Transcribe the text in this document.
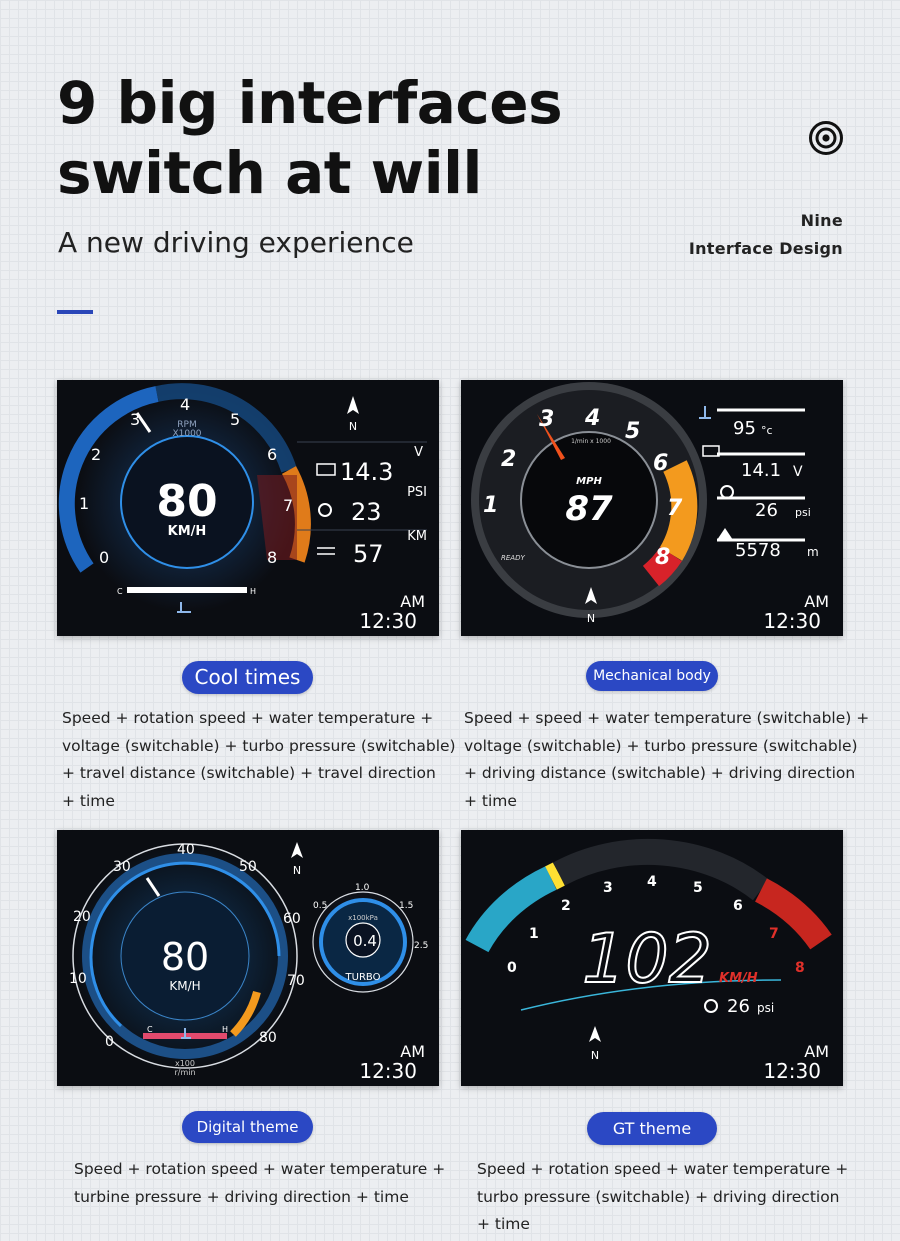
9 big interfaces
switch at will
A new driving experience
Nine
Interface Design
0
1
2
3
4
5
6
7
8
RPM
X1000
80
KM/H
C	H
N
14.3
V
23
PSI
57
KM
AM
12:30
Cool times
Speed + rotation speed + water temperature +
voltage (switchable) + turbo pressure (switchable)
+ travel distance (switchable) + travel direction
+ time
1
2
3 4
5
6
7
8
1/min x 1000
MPH
87
READY
N
95 °c
14.1 V
26 psi
5578 m
AM
12:30
Mechanical body
Speed + speed + water temperature (switchable) +
voltage (switchable) + turbo pressure (switchable)
+ driving distance (switchable) + driving direction
+ time
0
10
20
30
40
50
60
70
80
80
KM/H
C	H
x100
r/min
N
x100kPa
0.4
TURBO
0.5
1.0
1.5
2.5
AM
12:30
Digital theme
Speed + rotation speed + water temperature +
turbine pressure + driving direction + time
0
1
2
3 4	5
6
7
8
102 KM/H
26 psi
N	AM
12:30
GT theme
Speed + rotation speed + water temperature +
turbo pressure (switchable) + driving direction
+ time
